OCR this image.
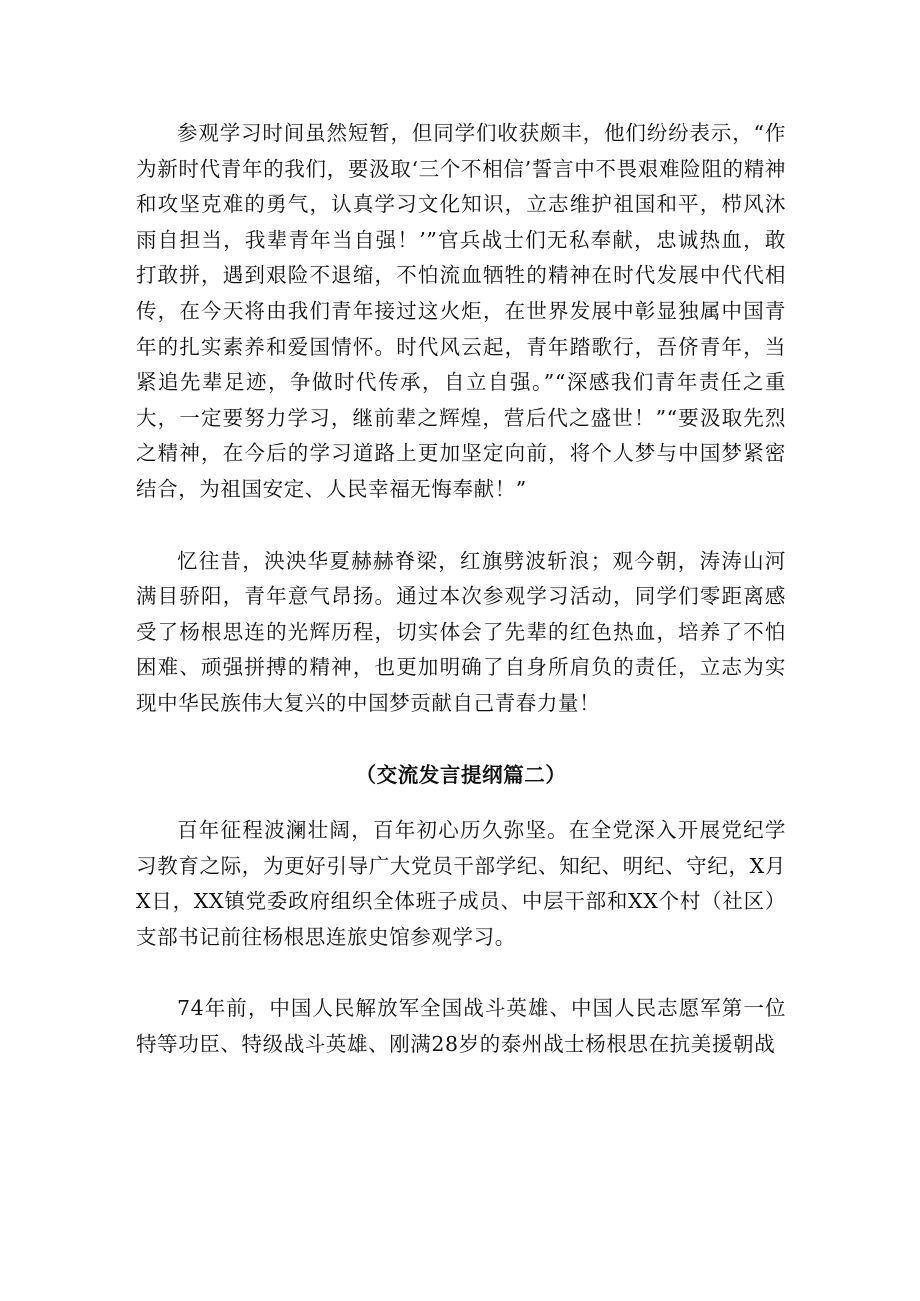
参观学习时间虽然短暂，但同学们收获颇丰，他们纷纷表示，“作为新时代青年的我们，要汲取‘三个不相信’誓言中不畏艰难险阻的精神和攻坚克难的勇气，认真学习文化知识，立志维护祖国和平，栉风沐雨自担当，我辈青年当自强！’”官兵战士们无私奉献，忠诚热血，敢打敢拼，遇到艰险不退缩，不怕流血牺牲的精神在时代发展中代代相传，在今天将由我们青年接过这火炬，在世界发展中彰显独属中国青年的扎实素养和爱国情怀。时代风云起，青年踏歌行，吾侪青年，当紧追先辈足迹，争做时代传承，自立自强。”“深感我们青年责任之重大，一定要努力学习，继前辈之辉煌，营后代之盛世！”“要汲取先烈之精神，在今后的学习道路上更加坚定向前，将个人梦与中国梦紧密结合，为祖国安定、人民幸福无悔奉献！”

忆往昔，泱泱华夏赫赫脊梁，红旗劈波斩浪；观今朝，涛涛山河满目骄阳，青年意气昂扬。通过本次参观学习活动，同学们零距离感受了杨根思连的光辉历程，切实体会了先辈的红色热血，培养了不怕困难、顽强拼搏的精神，也更加明确了自身所肩负的责任，立志为实现中华民族伟大复兴的中国梦贡献自己青春力量！

（交流发言提纲篇二）

百年征程波澜壮阔，百年初心历久弥坚。在全党深入开展党纪学习教育之际，为更好引导广大党员干部学纪、知纪、明纪、守纪，X月X日，XX镇党委政府组织全体班子成员、中层干部和XX个村（社区）支部书记前往杨根思连旅史馆参观学习。

74年前，中国人民解放军全国战斗英雄、中国人民志愿军第一位特等功臣、特级战斗英雄、刚满28岁的泰州战士杨根思在抗美援朝战
